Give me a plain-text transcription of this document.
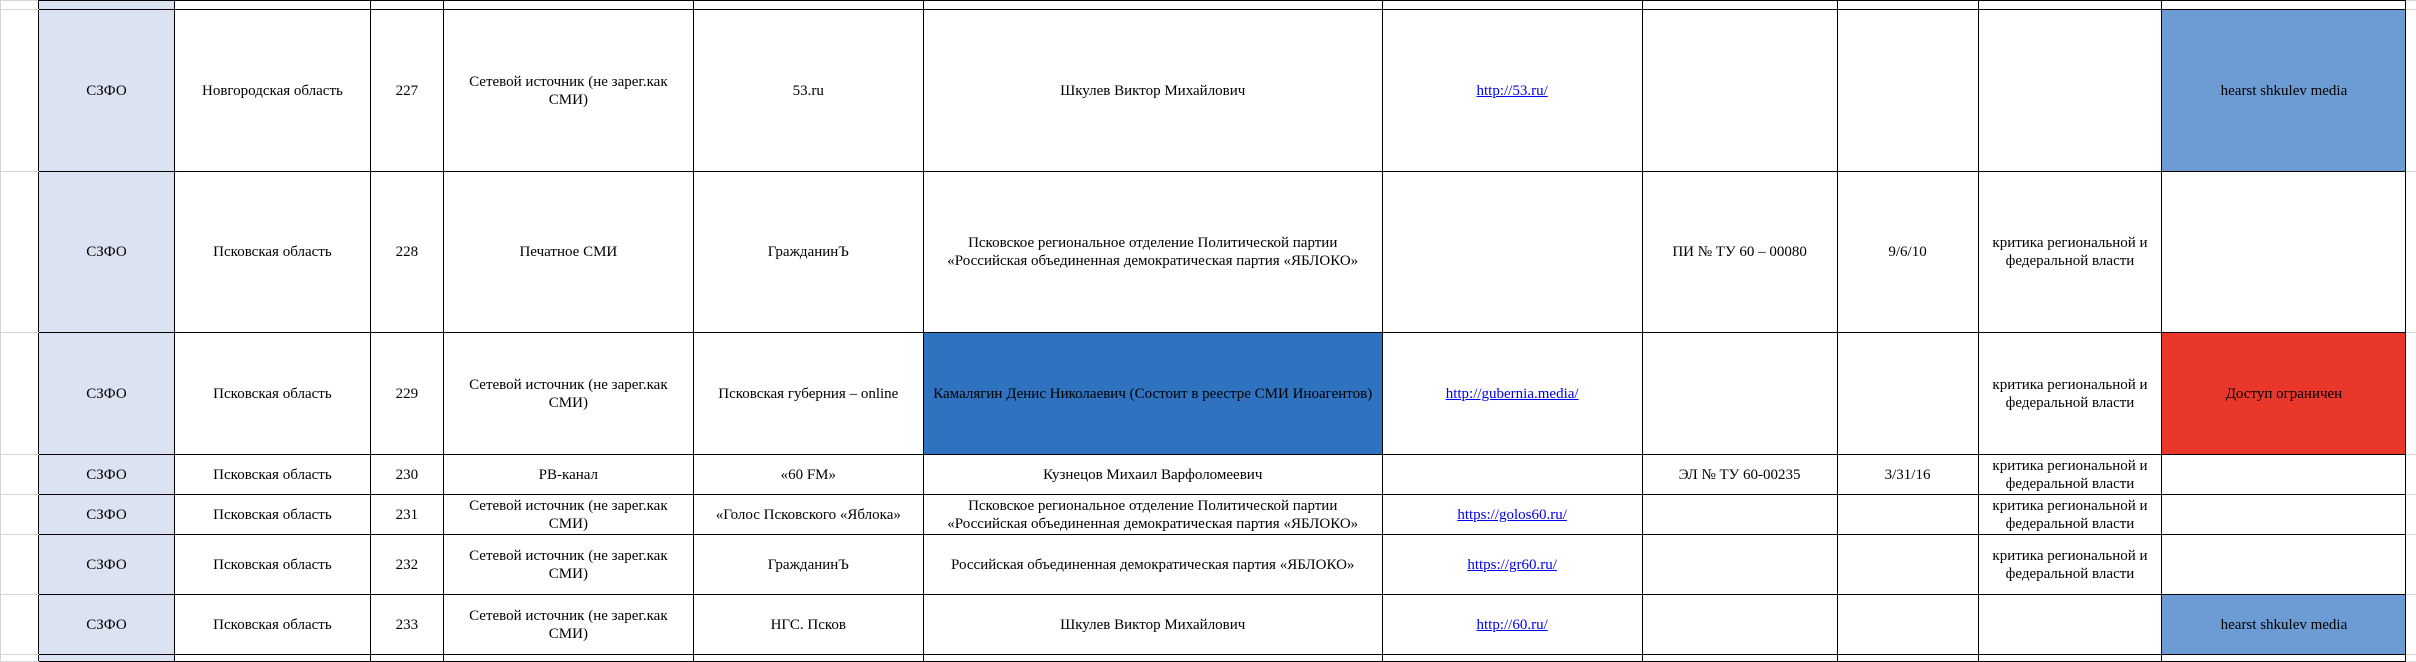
	СЗФО	Новгородская область	227	Сетевой источник (не зарег.как СМИ)	53.ru	Шкулев Виктор Михайлович	http://53.ru/				hearst shkulev media	
	СЗФО	Псковская область	228	Печатное СМИ	ГражданинЪ	Псковское региональное отделение Политической партии «Российская объединенная демократическая партия «ЯБЛОКО»		ПИ № ТУ 60 – 00080	9/6/10	критика региональной и федеральной власти		
	СЗФО	Псковская область	229	Сетевой источник (не зарег.как СМИ)	Псковская губерния – online	Камалягин Денис Николаевич (Состоит в реестре СМИ Иноагентов)	http://gubernia.media/			критика региональной и федеральной власти	Доступ ограничен	
	СЗФО	Псковская область	230	РВ-канал	«60 FM»	Кузнецов Михаил Варфоломеевич		ЭЛ № ТУ 60-00235	3/31/16	критика региональной и федеральной власти		
	СЗФО	Псковская область	231	Сетевой источник (не зарег.как СМИ)	«Голос Псковского «Яблока»	Псковское региональное отделение Политической партии «Российская объединенная демократическая партия «ЯБЛОКО»	https://golos60.ru/			критика региональной и федеральной власти		
	СЗФО	Псковская область	232	Сетевой источник (не зарег.как СМИ)	ГражданинЪ	Российская объединенная демократическая партия «ЯБЛОКО»	https://gr60.ru/			критика региональной и федеральной власти		
	СЗФО	Псковская область	233	Сетевой источник (не зарег.как СМИ)	НГС. Псков	Шкулев Виктор Михайлович	http://60.ru/				hearst shkulev media	
